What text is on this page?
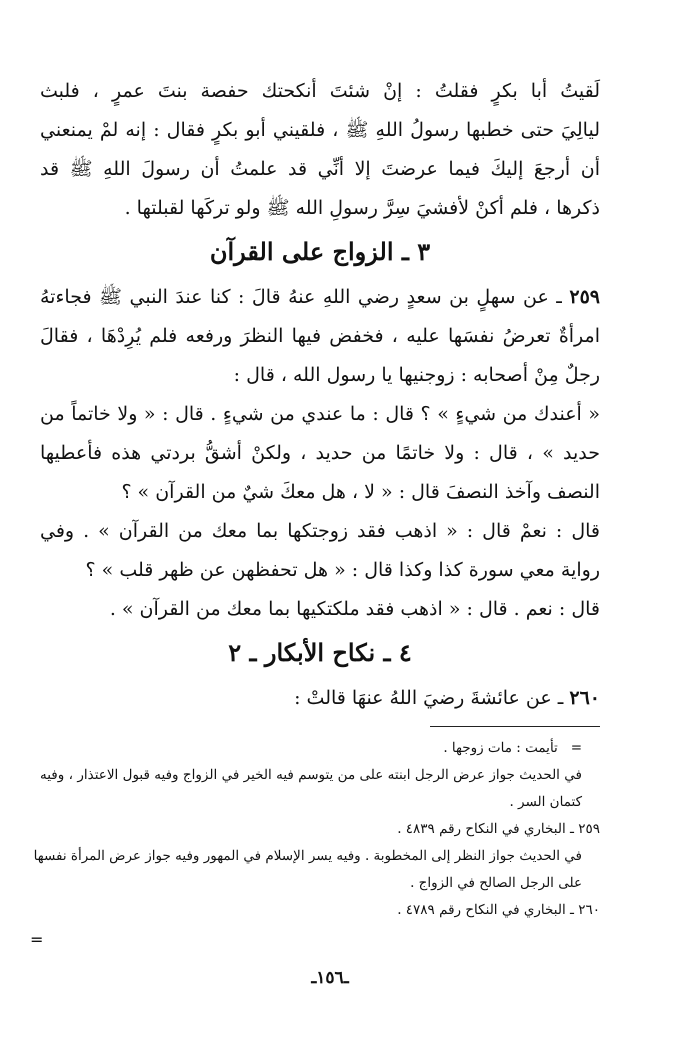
لَقيتُ أبا بكرٍ فقلتُ : إنْ شئتَ أنكحتك حفصة بنتَ عمرٍ ، فلبث

ليالِيَ حتى خطبها رسولُ اللهِ ﷺ ، فلقيني أبو بكرٍ فقال : إنه لمْ يمنعني

أن أرجعَ إليكَ فيما عرضتَ إلا أنِّي قد علمتُ أن رسولَ اللهِ ﷺ قد

ذكرها ، فلم أكنْ لأفشيَ سِرَّ رسولِ الله ﷺ ولو تركَها لقبلتها .

٣ ـ الزواج على القرآن

٢٥٩ ـ عن سهلٍ بن سعدٍ رضي اللهِ عنهُ قالَ : كنا عندَ النبي ﷺ فجاءتهُ

امرأةٌ تعرضُ نفسَها عليه ، فخفض فيها النظرَ ورفعه فلم يُرِدْهَا ، فقالَ

رجلٌ مِنْ أصحابه : زوجنيها يا رسول الله ، قال :

« أعندك من شيءٍ » ؟ قال : ما عندي من شيءٍ . قال : « ولا خاتماً من

حديد » ، قال : ولا خاتمًا من حديد ، ولكنْ أشقُّ بردتي هذه فأعطيها

النصف وآخذ النصفَ قال : « لا ، هل معكَ شيٌ من القرآن » ؟

قال : نعمْ قال : « اذهب فقد زوجتكها بما معك من القرآن » . وفي

رواية معي سورة كذا وكذا قال : « هل تحفظهن عن ظهر قلب » ؟

قال : نعم . قال : « اذهب فقد ملكتكيها بما معك من القرآن » .

٤ ـ نكاح الأبكار ـ ٢

٢٦٠ ـ عن عائشةَ رضيَ اللهُ عنهَا قالتْ :

=   تأيمت : مات زوجها .

في الحديث جواز عرض الرجل ابنته على من يتوسم فيه الخير في الزواج وفيه قبول الاعتذار ، وفيه

كتمان السر .

٢٥٩ ـ البخاري في النكاح رقم ٤٨٣٩ .

في الحديث جواز النظر إلى المخطوبة . وفيه يسر الإسلام في المهور وفيه جواز عرض المرأة نفسها

على الرجل الصالح في الزواج .

٢٦٠ ـ البخاري في النكاح رقم ٤٧٨٩ .

=
ـ١٥٦ـ
